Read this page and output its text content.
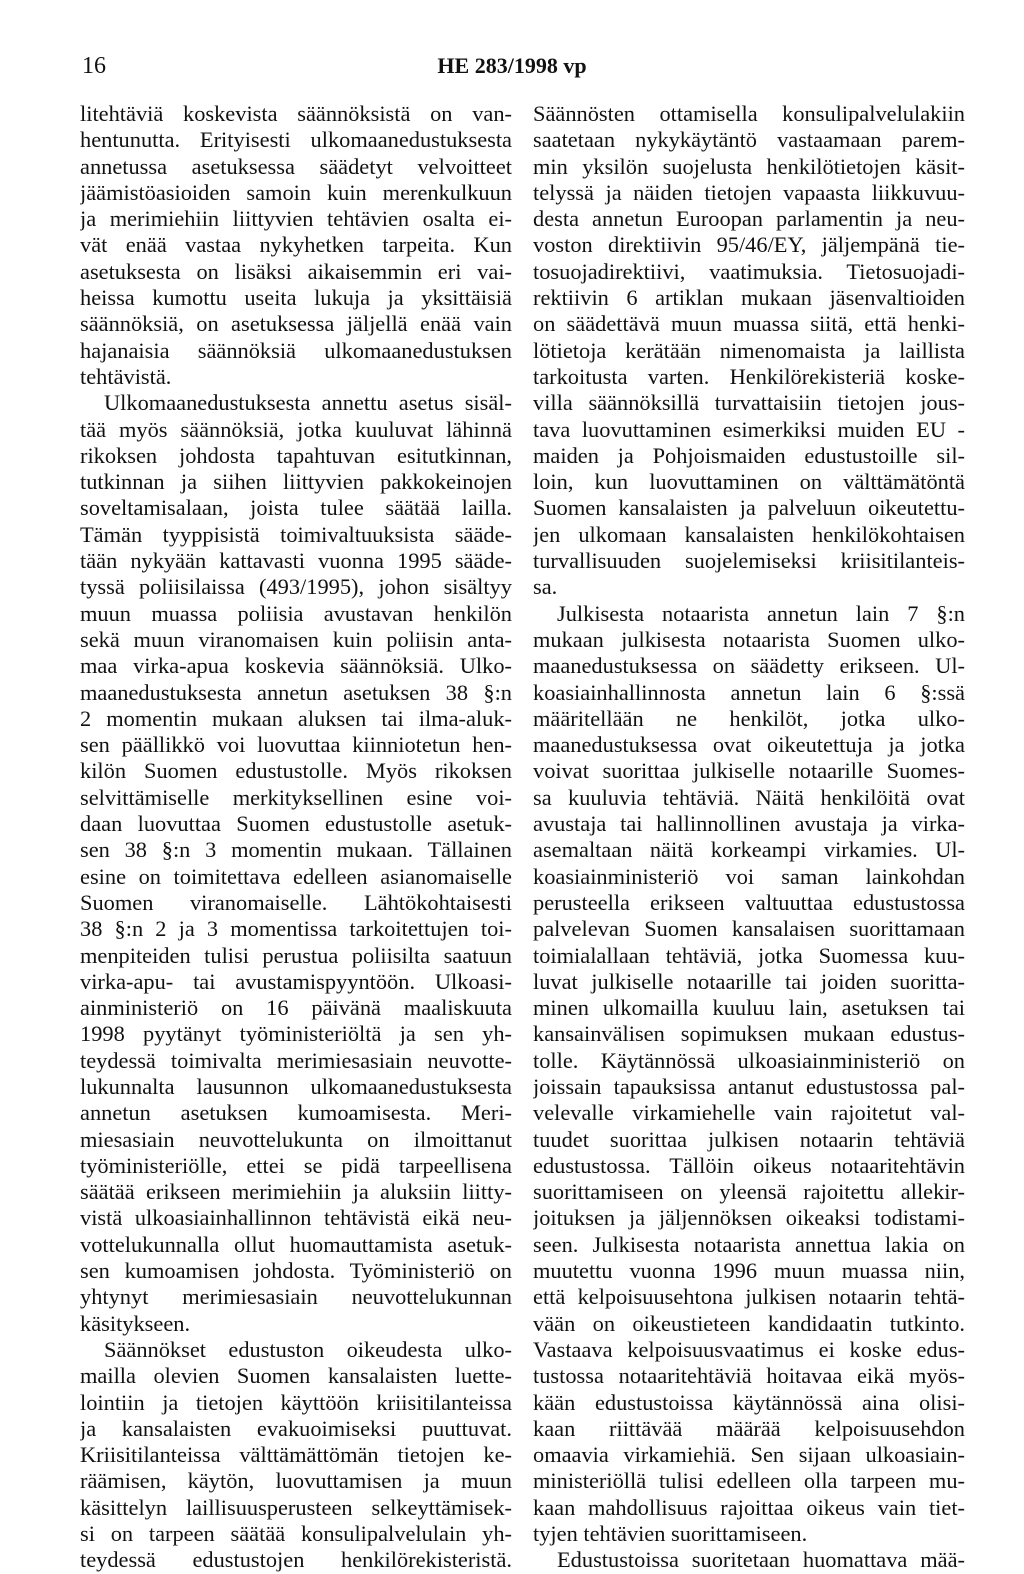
16	HE 283/1998 vp
litehtäviä koskevista säännöksistä on van-
hentunutta. Erityisesti ulkomaanedustuksesta
annetussa asetuksessa säädetyt velvoitteet
jäämistöasioiden samoin kuin merenkulkuun
ja merimiehiin liittyvien tehtävien osalta ei-
vät enää vastaa nykyhetken tarpeita. Kun
asetuksesta on lisäksi aikaisemmin eri vai-
heissa kumottu useita lukuja ja yksittäisiä
säännöksiä, on asetuksessa jäljellä enää vain
hajanaisia säännöksiä ulkomaanedustuksen
tehtävistä.
Ulkomaanedustuksesta annettu asetus sisäl-
tää myös säännöksiä, jotka kuuluvat lähinnä
rikoksen johdosta tapahtuvan esitutkinnan,
tutkinnan ja siihen liittyvien pakkokeinojen
soveltamisalaan, joista tulee säätää lailla.
Tämän tyyppisistä toimivaltuuksista sääde-
tään nykyään kattavasti vuonna 1995 säädе-
tyssä poliisilaissa (493/1995), johon sisältyy
muun muassa poliisia avustavan henkilön
sekä muun viranomaisen kuin poliisin anta-
maa virka-apua koskevia säännöksiä. Ulko-
maanedustuksesta annetun asetuksen 38 §:n
2 momentin mukaan aluksen tai ilma-aluk-
sen päällikkö voi luovuttaa kiinniotetun hen-
kilön Suomen edustustolle. Myös rikoksen
selvittämiselle merkityksellinen esine voi-
daan luovuttaa Suomen edustustolle asetuk-
sen 38 §:n 3 momentin mukaan. Tällainen
esine on toimitettava edelleen asianomaiselle
Suomen viranomaiselle. Lähtökohtaisesti
38 §:n 2 ja 3 momentissa tarkoitettujen toi-
menpiteiden tulisi perustua poliisilta saatuun
virka-apu- tai avustamispyyntöön. Ulkoasi-
ainministeriö on 16 päivänä maaliskuuta
1998 pyytänyt työministeriöltä ja sen yh-
teydessä toimivalta merimiesasiain neuvotte-
lukunnalta lausunnon ulkomaanedustuksesta
annetun asetuksen kumoamisesta. Meri-
miesasiain neuvottelukunta on ilmoittanut
työministeriölle, ettei se pidä tarpeellisena
säätää erikseen merimiehiin ja aluksiin liitty-
vistä ulkoasiainhallinnon tehtävistä eikä neu-
vottelukunnalla ollut huomauttamista asetuk-
sen kumoamisen johdosta. Työministeriö on
yhtynyt merimiesasiain neuvottelukunnan
käsitykseen.
Säännökset edustuston oikeudesta ulko-
mailla olevien Suomen kansalaisten luette-
lointiin ja tietojen käyttöön kriisitilanteissa
ja kansalaisten evakuoimiseksi puuttuvat.
Kriisitilanteissa välttämättömän tietojen ke-
räämisen, käytön, luovuttamisen ja muun
käsittelyn laillisuusperusteen selkeyttämisek-
si on tarpeen säätää konsulipalvelulain yh-
teydessä edustustojen henkilörekisteristä.
Säännösten ottamisella konsulipalvelulakiin
saatetaan nykykäytäntö vastaamaan parem-
min yksilön suojelusta henkilötietojen käsit-
telyssä ja näiden tietojen vapaasta liikkuvuu-
desta annetun Euroopan parlamentin ja neu-
voston direktiivin 95/46/EY, jäljempänä tie-
tosuojadirektiivi, vaatimuksia. Tietosuojadi-
rektiivin 6 artiklan mukaan jäsenvaltioiden
on säädettävä muun muassa siitä, että henki-
lötietoja kerätään nimenomaista ja laillista
tarkoitusta varten. Henkilörekisteriä koske-
villa säännöksillä turvattaisiin tietojen jous-
tava luovuttaminen esimerkiksi muiden EU -
maiden ja Pohjoismaiden edustustoille sil-
loin, kun luovuttaminen on välttämätöntä
Suomen kansalaisten ja palveluun oikeutettu-
jen ulkomaan kansalaisten henkilökohtaisen
turvallisuuden suojelemiseksi kriisitilanteis-
sa.
Julkisesta notaarista annetun lain 7 §:n
mukaan julkisesta notaarista Suomen ulko-
maanedustuksessa on säädetty erikseen. Ul-
koasiainhallinnosta annetun lain 6 §:ssä
määritellään ne henkilöt, jotka ulko-
maanedustuksessa ovat oikeutettuja ja jotka
voivat suorittaa julkiselle notaarille Suomes-
sa kuuluvia tehtäviä. Näitä henkilöitä ovat
avustaja tai hallinnollinen avustaja ja virka-
asemaltaan näitä korkeampi virkamies. Ul-
koasiainministeriö voi saman lainkohdan
perusteella erikseen valtuuttaa edustustossa
palvelevan Suomen kansalaisen suorittamaan
toimialallaan tehtäviä, jotka Suomessa kuu-
luvat julkiselle notaarille tai joiden suoritta-
minen ulkomailla kuuluu lain, asetuksen tai
kansainvälisen sopimuksen mukaan edustus-
tolle. Käytännössä ulkoasiainministeriö on
joissain tapauksissa antanut edustustossa pal-
velevalle virkamiehelle vain rajoitetut val-
tuudet suorittaa julkisen notaarin tehtäviä
edustustossa. Tällöin oikeus notaaritehtävin
suorittamiseen on yleensä rajoitettu allekir-
joituksen ja jäljennöksen oikeaksi todistami-
seen. Julkisesta notaarista annettua lakia on
muutettu vuonna 1996 muun muassa niin,
että kelpoisuusehtona julkisen notaarin tehtä-
vään on oikeustieteen kandidaatin tutkinto.
Vastaava kelpoisuusvaatimus ei koske edus-
tustossa notaaritehtäviä hoitavaa eikä myös-
kään edustustoissa käytännössä aina olisi-
kaan riittävää määrää kelpoisuusehdon
omaavia virkamiehiä. Sen sijaan ulkoasiain-
ministeriöllä tulisi edelleen olla tarpeen mu-
kaan mahdollisuus rajoittaa oikeus vain tiet-
tyjen tehtävien suorittamiseen.
Edustustoissa suoritetaan huomattava mää-
